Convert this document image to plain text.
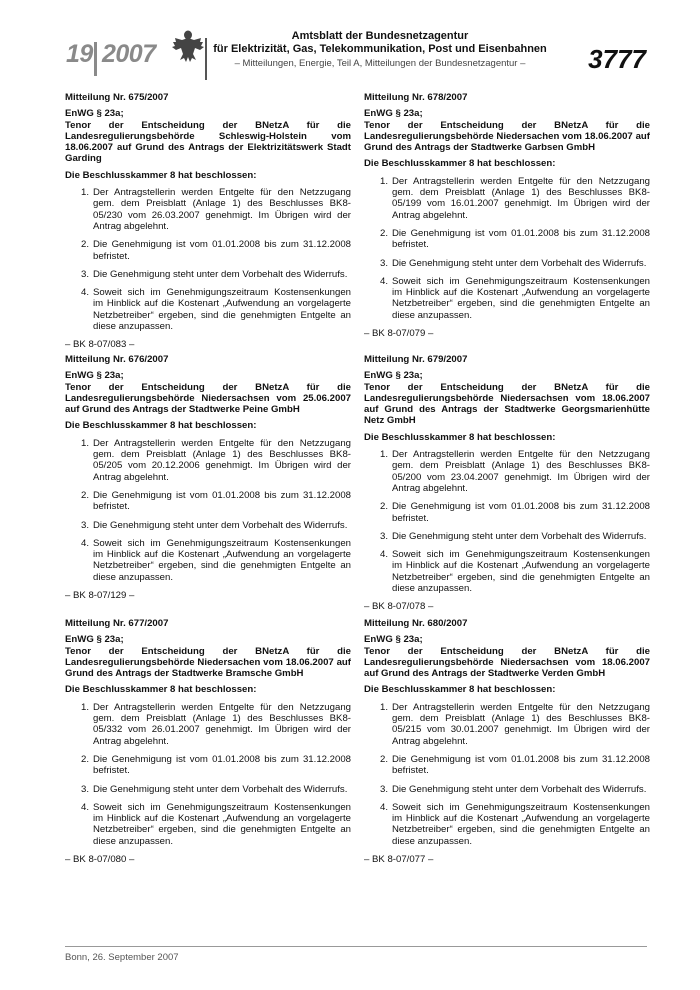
19 2007
Amtsblatt der Bundesnetzagentur
für Elektrizität, Gas, Telekommunikation, Post und Eisenbahnen
– Mitteilungen, Energie, Teil A, Mitteilungen der Bundesnetzagentur –	3777
Mitteilung Nr. 675/2007
EnWG § 23a;
Tenor der Entscheidung der BNetzA für die Landesregulierungsbehörde Schleswig-Holstein vom 18.06.2007 auf Grund des Antrags der Elektrizitätswerk Stadt Garding
Die Beschlusskammer 8 hat beschlossen:
1. Der Antragstellerin werden Entgelte für den Netzzugang gem. dem Preisblatt (Anlage 1) des Beschlusses BK8-05/230 vom 26.03.2007 genehmigt. Im Übrigen wird der Antrag abgelehnt.
2. Die Genehmigung ist vom 01.01.2008 bis zum 31.12.2008 befristet.
3. Die Genehmigung steht unter dem Vorbehalt des Widerrufs.
4. Soweit sich im Genehmigungszeitraum Kostensenkungen im Hinblick auf die Kostenart „Aufwendung an vorgelagerte Netzbetreiber“ ergeben, sind die genehmigten Entgelte an diese anzupassen.
– BK 8-07/083 –
Mitteilung Nr. 678/2007
EnWG § 23a;
Tenor der Entscheidung der BNetzA für die Landesregulierungsbehörde Niedersachen vom 18.06.2007 auf Grund des Antrags der Stadtwerke Garbsen GmbH
Die Beschlusskammer 8 hat beschlossen:
1. Der Antragstellerin werden Entgelte für den Netzzugang gem. dem Preisblatt (Anlage 1) des Beschlusses BK8-05/199 vom 16.01.2007 genehmigt. Im Übrigen wird der Antrag abgelehnt.
2. Die Genehmigung ist vom 01.01.2008 bis zum 31.12.2008 befristet.
3. Die Genehmigung steht unter dem Vorbehalt des Widerrufs.
4. Soweit sich im Genehmigungszeitraum Kostensenkungen im Hinblick auf die Kostenart „Aufwendung an vorgelagerte Netzbetreiber“ ergeben, sind die genehmigten Entgelte an diese anzupassen.
– BK 8-07/079 –
Mitteilung Nr. 676/2007
EnWG § 23a;
Tenor der Entscheidung der BNetzA für die Landesregulierungsbehörde Niedersachsen vom 25.06.2007 auf Grund des Antrags der Stadtwerke Peine GmbH
Die Beschlusskammer 8 hat beschlossen:
1. Der Antragstellerin werden Entgelte für den Netzzugang gem. dem Preisblatt (Anlage 1) des Beschlusses BK8-05/205 vom 20.12.2006 genehmigt. Im Übrigen wird der Antrag abgelehnt.
2. Die Genehmigung ist vom 01.01.2008 bis zum 31.12.2008 befristet.
3. Die Genehmigung steht unter dem Vorbehalt des Widerrufs.
4. Soweit sich im Genehmigungszeitraum Kostensenkungen im Hinblick auf die Kostenart „Aufwendung an vorgelagerte Netzbetreiber“ ergeben, sind die genehmigten Entgelte an diese anzupassen.
– BK 8-07/129 –
Mitteilung Nr. 679/2007
EnWG § 23a;
Tenor der Entscheidung der BNetzA für die Landesregulierungsbehörde Niedersachsen vom 18.06.2007 auf Grund des Antrags der Stadtwerke Georgsmarienhütte Netz GmbH
Die Beschlusskammer 8 hat beschlossen:
1. Der Antragstellerin werden Entgelte für den Netzzugang gem. dem Preisblatt (Anlage 1) des Beschlusses BK8-05/200 vom 23.04.2007 genehmigt. Im Übrigen wird der Antrag abgelehnt.
2. Die Genehmigung ist vom 01.01.2008 bis zum 31.12.2008 befristet.
3. Die Genehmigung steht unter dem Vorbehalt des Widerrufs.
4. Soweit sich im Genehmigungszeitraum Kostensenkungen im Hinblick auf die Kostenart „Aufwendung an vorgelagerte Netzbetreiber“ ergeben, sind die genehmigten Entgelte an diese anzupassen.
– BK 8-07/078 –
Mitteilung Nr. 677/2007
EnWG § 23a;
Tenor der Entscheidung der BNetzA für die Landesregulierungsbehörde Niedersachen vom 18.06.2007 auf Grund des Antrags der Stadtwerke Bramsche GmbH
Die Beschlusskammer 8 hat beschlossen:
1. Der Antragstellerin werden Entgelte für den Netzzugang gem. dem Preisblatt (Anlage 1) des Beschlusses BK8-05/332 vom 26.01.2007 genehmigt. Im Übrigen wird der Antrag abgelehnt.
2. Die Genehmigung ist vom 01.01.2008 bis zum 31.12.2008 befristet.
3. Die Genehmigung steht unter dem Vorbehalt des Widerrufs.
4. Soweit sich im Genehmigungszeitraum Kostensenkungen im Hinblick auf die Kostenart „Aufwendung an vorgelagerte Netzbetreiber“ ergeben, sind die genehmigten Entgelte an diese anzupassen.
– BK 8-07/080 –
Mitteilung Nr. 680/2007
EnWG § 23a;
Tenor der Entscheidung der BNetzA für die Landesregulierungsbehörde Niedersachsen vom 18.06.2007 auf Grund des Antrags der Stadtwerke Verden GmbH
Die Beschlusskammer 8 hat beschlossen:
1. Der Antragstellerin werden Entgelte für den Netzzugang gem. dem Preisblatt (Anlage 1) des Beschlusses BK8-05/215 vom 30.01.2007 genehmigt. Im Übrigen wird der Antrag abgelehnt.
2. Die Genehmigung ist vom 01.01.2008 bis zum 31.12.2008 befristet.
3. Die Genehmigung steht unter dem Vorbehalt des Widerrufs.
4. Soweit sich im Genehmigungszeitraum Kostensenkungen im Hinblick auf die Kostenart „Aufwendung an vorgelagerte Netzbetreiber“ ergeben, sind die genehmigten Entgelte an diese anzupassen.
– BK 8-07/077 –
Bonn, 26. September 2007
